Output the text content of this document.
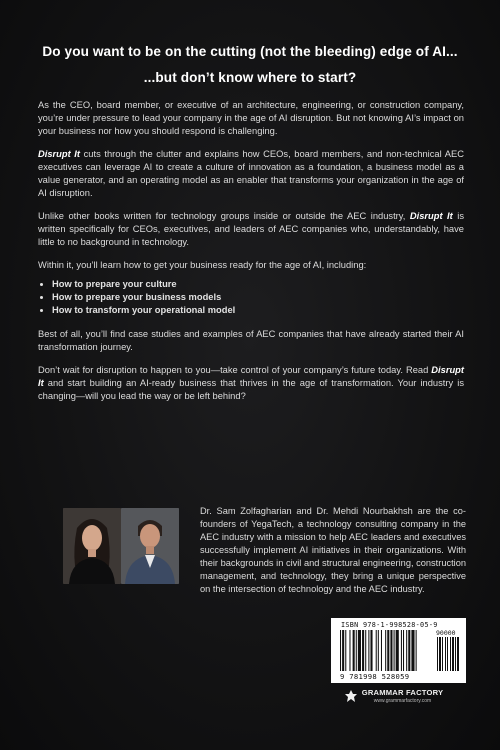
Do you want to be on the cutting (not the bleeding) edge of AI...
...but don’t know where to start?

As the CEO, board member, or executive of an architecture, engineering, or construction company, you’re under pressure to lead your company in the age of AI disruption. But not knowing AI’s impact on your business nor how you should respond is challenging.

Disrupt It cuts through the clutter and explains how CEOs, board members, and non-technical AEC executives can leverage AI to create a culture of innovation as a foundation, a business model as a value generator, and an operating model as an enabler that transforms your organization in the age of AI disruption.

Unlike other books written for technology groups inside or outside the AEC industry, Disrupt It is written specifically for CEOs, executives, and leaders of AEC companies who, understandably, have little to no background in technology.

Within it, you’ll learn how to get your business ready for the age of AI, including:

• How to prepare your culture
• How to prepare your business models
• How to transform your operational model

Best of all, you’ll find case studies and examples of AEC companies that have already started their AI transformation journey.

Don’t wait for disruption to happen to you—take control of your company’s future today. Read Disrupt It and start building an AI-ready business that thrives in the age of transformation. Your industry is changing—will you lead the way or be left behind?

Dr. Sam Zolfagharian and Dr. Mehdi Nourbakhsh are the co-founders of YegaTech, a technology consulting company in the AEC industry with a mission to help AEC leaders and executives successfully implement AI initiatives in their organizations. With their backgrounds in civil and structural engineering, construction management, and technology, they bring a unique perspective on the intersection of technology and the AEC industry.
ISBN 978-1-998528-05-9
90000
9 781998 528059
GRAMMAR FACTORY
www.grammarfactory.com
